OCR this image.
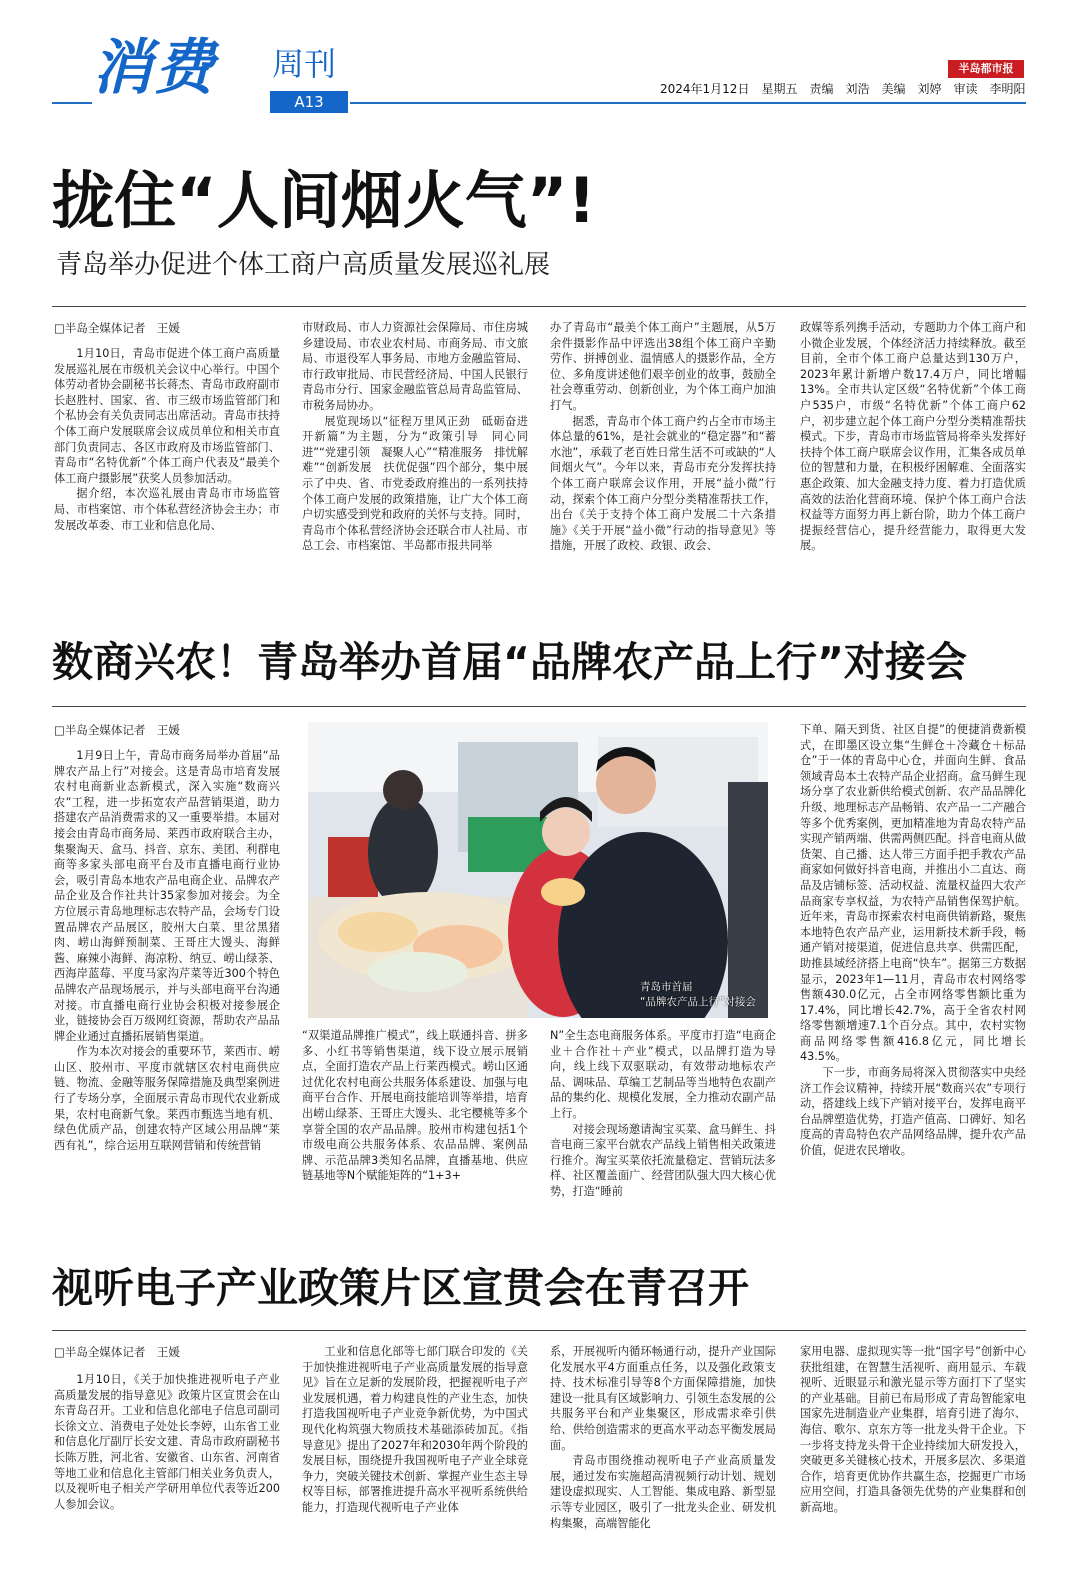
消费 周刊
A13
半岛都市报
2024年1月12日　星期五　责编　刘浩　美编　刘婷　审读　李明阳
拢住“人间烟火气”!
青岛举办促进个体工商户高质量发展巡礼展
□半岛全媒体记者　王媛

1月10日，青岛市促进个体工商户高质量发展巡礼展在市级机关会议中心举行。中国个体劳动者协会副秘书长蒋杰、青岛市政府副市长赵胜村、国家、省、市三级市场监管部门和个私协会有关负责同志出席活动。青岛市扶持个体工商户发展联席会议成员单位和相关市直部门负责同志、各区市政府及市场监管部门、青岛市“名特优新”个体工商户代表及“最美个体工商户摄影展”获奖人员参加活动。

据介绍，本次巡礼展由青岛市市场监管局、市档案馆、市个体私营经济协会主办；市发展改革委、市工业和信息化局、

市财政局、市人力资源社会保障局、市住房城乡建设局、市农业农村局、市商务局、市文旅局、市退役军人事务局、市地方金融监管局、市行政审批局、市民营经济局、中国人民银行青岛市分行、国家金融监管总局青岛监管局、市税务局协办。

展览现场以“征程万里风正劲　砥砺奋进开新篇”为主题，分为“政策引导　同心同进”“党建引领　凝聚人心”“精准服务　排忧解难”“创新发展　扶优促强”四个部分，集中展示了中央、省、市党委政府推出的一系列扶持个体工商户发展的政策措施，让广大个体工商户切实感受到党和政府的关怀与支持。同时，青岛市个体私营经济协会还联合市人社局、市总工会、市档案馆、半岛都市报共同举

办了青岛市“最美个体工商户”主题展，从5万余件摄影作品中评选出38组个体工商户辛勤劳作、拼搏创业、温情感人的摄影作品，全方位、多角度讲述他们艰辛创业的故事，鼓励全社会尊重劳动、创新创业，为个体工商户加油打气。

据悉，青岛市个体工商户约占全市市场主体总量的61%，是社会就业的“稳定器”和“蓄水池”，承载了老百姓日常生活不可或缺的“人间烟火气”。今年以来，青岛市充分发挥扶持个体工商户联席会议作用，开展“益小微”行动，探索个体工商户分型分类精准帮扶工作，出台《关于支持个体工商户发展二十六条措施》《关于开展“益小微”行动的指导意见》等措施，开展了政校、政银、政会、

政媒等系列携手活动，专题助力个体工商户和小微企业发展，个体经济活力持续释放。截至目前，全市个体工商户总量达到130万户，2023年累计新增户数17.4万户，同比增幅13%。全市共认定区级“名特优新”个体工商户535户，市级“名特优新”个体工商户62户，初步建立起个体工商户分型分类精准帮扶模式。下步，青岛市市场监管局将牵头发挥好扶持个体工商户联席会议作用，汇集各成员单位的智慧和力量，在积极纾困解难、全面落实惠企政策、加大金融支持力度、着力打造优质高效的法治化营商环境、保护个体工商户合法权益等方面努力再上新台阶，助力个体工商户提振经营信心，提升经营能力，取得更大发展。

数商兴农！青岛举办首届“品牌农产品上行”对接会
□半岛全媒体记者　王媛

1月9日上午，青岛市商务局举办首届“品牌农产品上行”对接会。这是青岛市培育发展农村电商新业态新模式，深入实施“数商兴农”工程，进一步拓宽农产品营销渠道，助力搭建农产品消费需求的又一重要举措。本届对接会由青岛市商务局、莱西市政府联合主办，集聚淘天、盒马、抖音、京东、美团、利群电商等多家头部电商平台及市直播电商行业协会，吸引青岛本地农产品电商企业、品牌农产品企业及合作社共计35家参加对接会。为全方位展示青岛地理标志农特产品，会场专门设置品牌农产品展区，胶州大白菜、里岔黑猪肉、崂山海鲜预制菜、王哥庄大馒头、海鲜酱、麻辣小海鲜、海凉粉、纳豆、崂山绿茶、西海岸蓝莓、平度马家沟芹菜等近300个特色品牌农产品现场展示，并与头部电商平台沟通对接。市直播电商行业协会积极对接参展企业，链接协会百万级网红资源，帮助农产品品牌企业通过直播拓展销售渠道。

作为本次对接会的重要环节，莱西市、崂山区、胶州市、平度市就辖区农村电商供应链、物流、金融等服务保障措施及典型案例进行了专场分享，全面展示青岛市现代农业新成果，农村电商新气象。莱西市甄选当地有机、绿色优质产品，创建农特产区域公用品牌“莱西有礼”，综合运用互联网营销和传统营销

青岛市首届
“品牌农产品上行”对接会

“双渠道品牌推广模式”，线上联通抖音、拼多多、小红书等销售渠道，线下设立展示展销点，全面打造农产品上行莱西模式。崂山区通过优化农村电商公共服务体系建设、加强与电商平台合作、开展电商技能培训等举措，培育出崂山绿茶、王哥庄大馒头、北宅樱桃等多个享誉全国的农产品品牌。胶州市构建包括1个市级电商公共服务体系、农品品牌、案例品牌、示范品牌3类知名品牌，直播基地、供应链基地等N个赋能矩阵的“1+3+

N”全生态电商服务体系。平度市打造“电商企业＋合作社＋产业”模式，以品牌打造为导向，线上线下双驱联动，有效带动地标农产品、调味品、草编工艺制品等当地特色农副产品的集约化、规模化发展，全力推动农副产品上行。

对接会现场邀请淘宝买菜、盒马鲜生、抖音电商三家平台就农产品线上销售相关政策进行推介。淘宝买菜依托流量稳定、营销玩法多样、社区覆盖面广、经营团队强大四大核心优势，打造“睡前

下单、隔天到货、社区自提”的便捷消费新模式，在即墨区设立集“生鲜仓＋冷藏仓＋标品仓”于一体的青岛中心仓，并面向生鲜、食品领域青岛本土农特产品企业招商。盒马鲜生现场分享了农业新供给模式创新、农产品品牌化升级、地理标志产品畅销、农产品一二产融合等多个优秀案例，更加精准地为青岛农特产品实现产销两端、供需两侧匹配。抖音电商从做货架、自己播、达人带三方面手把手教农产品商家如何做好抖音电商，并推出小二直达、商品及店铺标签、活动权益、流量权益四大农产品商家专享权益，为农特产品销售保驾护航。近年来，青岛市探索农村电商供销新路，聚焦本地特色农产品产业，运用新技术新手段，畅通产销对接渠道，促进信息共享、供需匹配，助推县域经济搭上电商“快车”。据第三方数据显示，2023年1—11月，青岛市农村网络零售额430.0亿元，占全市网络零售额比重为17.4%，同比增长42.7%，高于全省农村网络零售额增速7.1个百分点。其中，农村实物商品网络零售额416.8亿元，同比增长43.5%。

下一步，市商务局将深入贯彻落实中央经济工作会议精神，持续开展“数商兴农”专项行动，搭建线上线下产销对接平台，发挥电商平台品牌塑造优势，打造产值高、口碑好、知名度高的青岛特色农产品网络品牌，提升农产品价值，促进农民增收。

视听电子产业政策片区宣贯会在青召开
□半岛全媒体记者　王媛

1月10日，《关于加快推进视听电子产业高质量发展的指导意见》政策片区宣贯会在山东青岛召开。工业和信息化部电子信息司副司长徐文立、消费电子处处长李婷，山东省工业和信息化厅副厅长安文建、青岛市政府副秘书长陈万胜，河北省、安徽省、山东省、河南省等地工业和信息化主管部门相关业务负责人，以及视听电子相关产学研用单位代表等近200人参加会议。

工业和信息化部等七部门联合印发的《关于加快推进视听电子产业高质量发展的指导意见》旨在立足新的发展阶段，把握视听电子产业发展机遇，着力构建良性的产业生态，加快打造我国视听电子产业竞争新优势，为中国式现代化构筑强大物质技术基础添砖加瓦。《指导意见》提出了2027年和2030年两个阶段的发展目标，围绕提升我国视听电子产业全球竞争力，突破关键技术创新、掌握产业生态主导权等目标，部署推进提升高水平视听系统供给能力，打造现代视听电子产业体

系，开展视听内循环畅通行动，提升产业国际化发展水平4方面重点任务，以及强化政策支持、技术标准引导等8个方面保障措施，加快建设一批具有区域影响力、引领生态发展的公共服务平台和产业集聚区，形成需求牵引供给、供给创造需求的更高水平动态平衡发展局面。

青岛市围绕推动视听电子产业高质量发展，通过发布实施超高清视频行动计划、规划建设虚拟现实、人工智能、集成电路、新型显示等专业园区，吸引了一批龙头企业、研发机构集聚，高端智能化

家用电器、虚拟现实等一批“国字号”创新中心获批组建，在智慧生活视听、商用显示、车载视听、近眼显示和激光显示等方面打下了坚实的产业基础。目前已布局形成了青岛智能家电国家先进制造业产业集群，培育引进了海尔、海信、歌尔、京东方等一批龙头骨干企业。下一步将支持龙头骨干企业持续加大研发投入，突破更多关键核心技术，开展多层次、多渠道合作，培育更优协作共赢生态，挖掘更广市场应用空间，打造具备领先优势的产业集群和创新高地。
